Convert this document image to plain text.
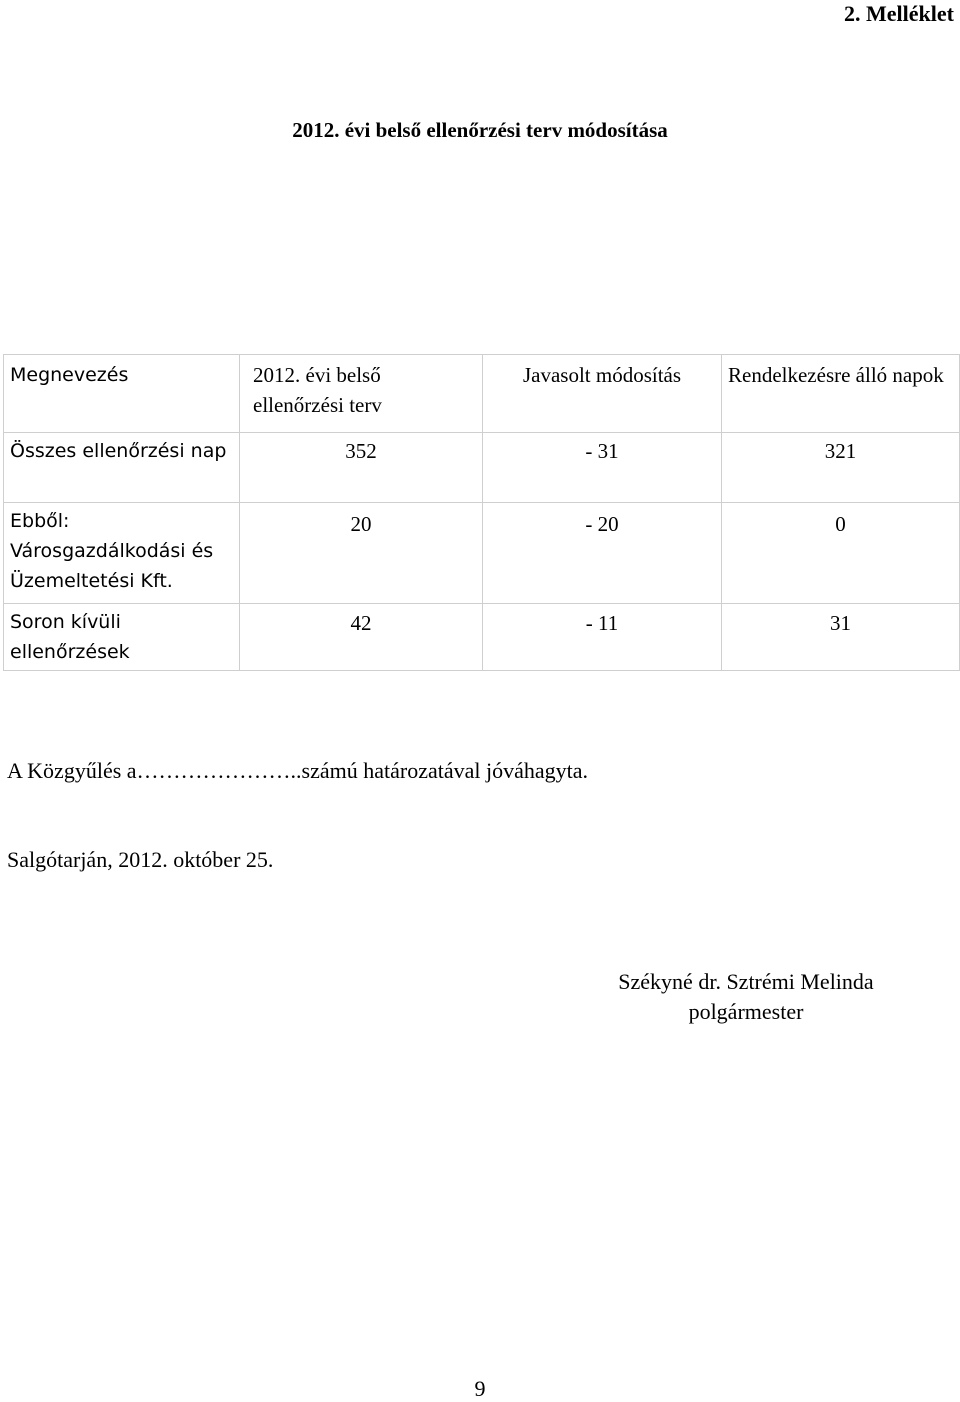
2. Melléklet
2012. évi belső ellenőrzési terv módosítása
Megnevezés	2012. évi belső ellenőrzési terv	Javasolt módosítás	Rendelkezésre álló napok
Összes ellenőrzési nap	352	- 31	321
Ebből: Városgazdálkodási és Üzemeltetési Kft.	20	- 20	0
Soron kívüli ellenőrzések	42	- 11	31
A Közgyűlés a…………………..számú határozatával jóváhagyta.
Salgótarján, 2012. október 25.
Székyné dr. Sztrémi Melinda
polgármester
9
